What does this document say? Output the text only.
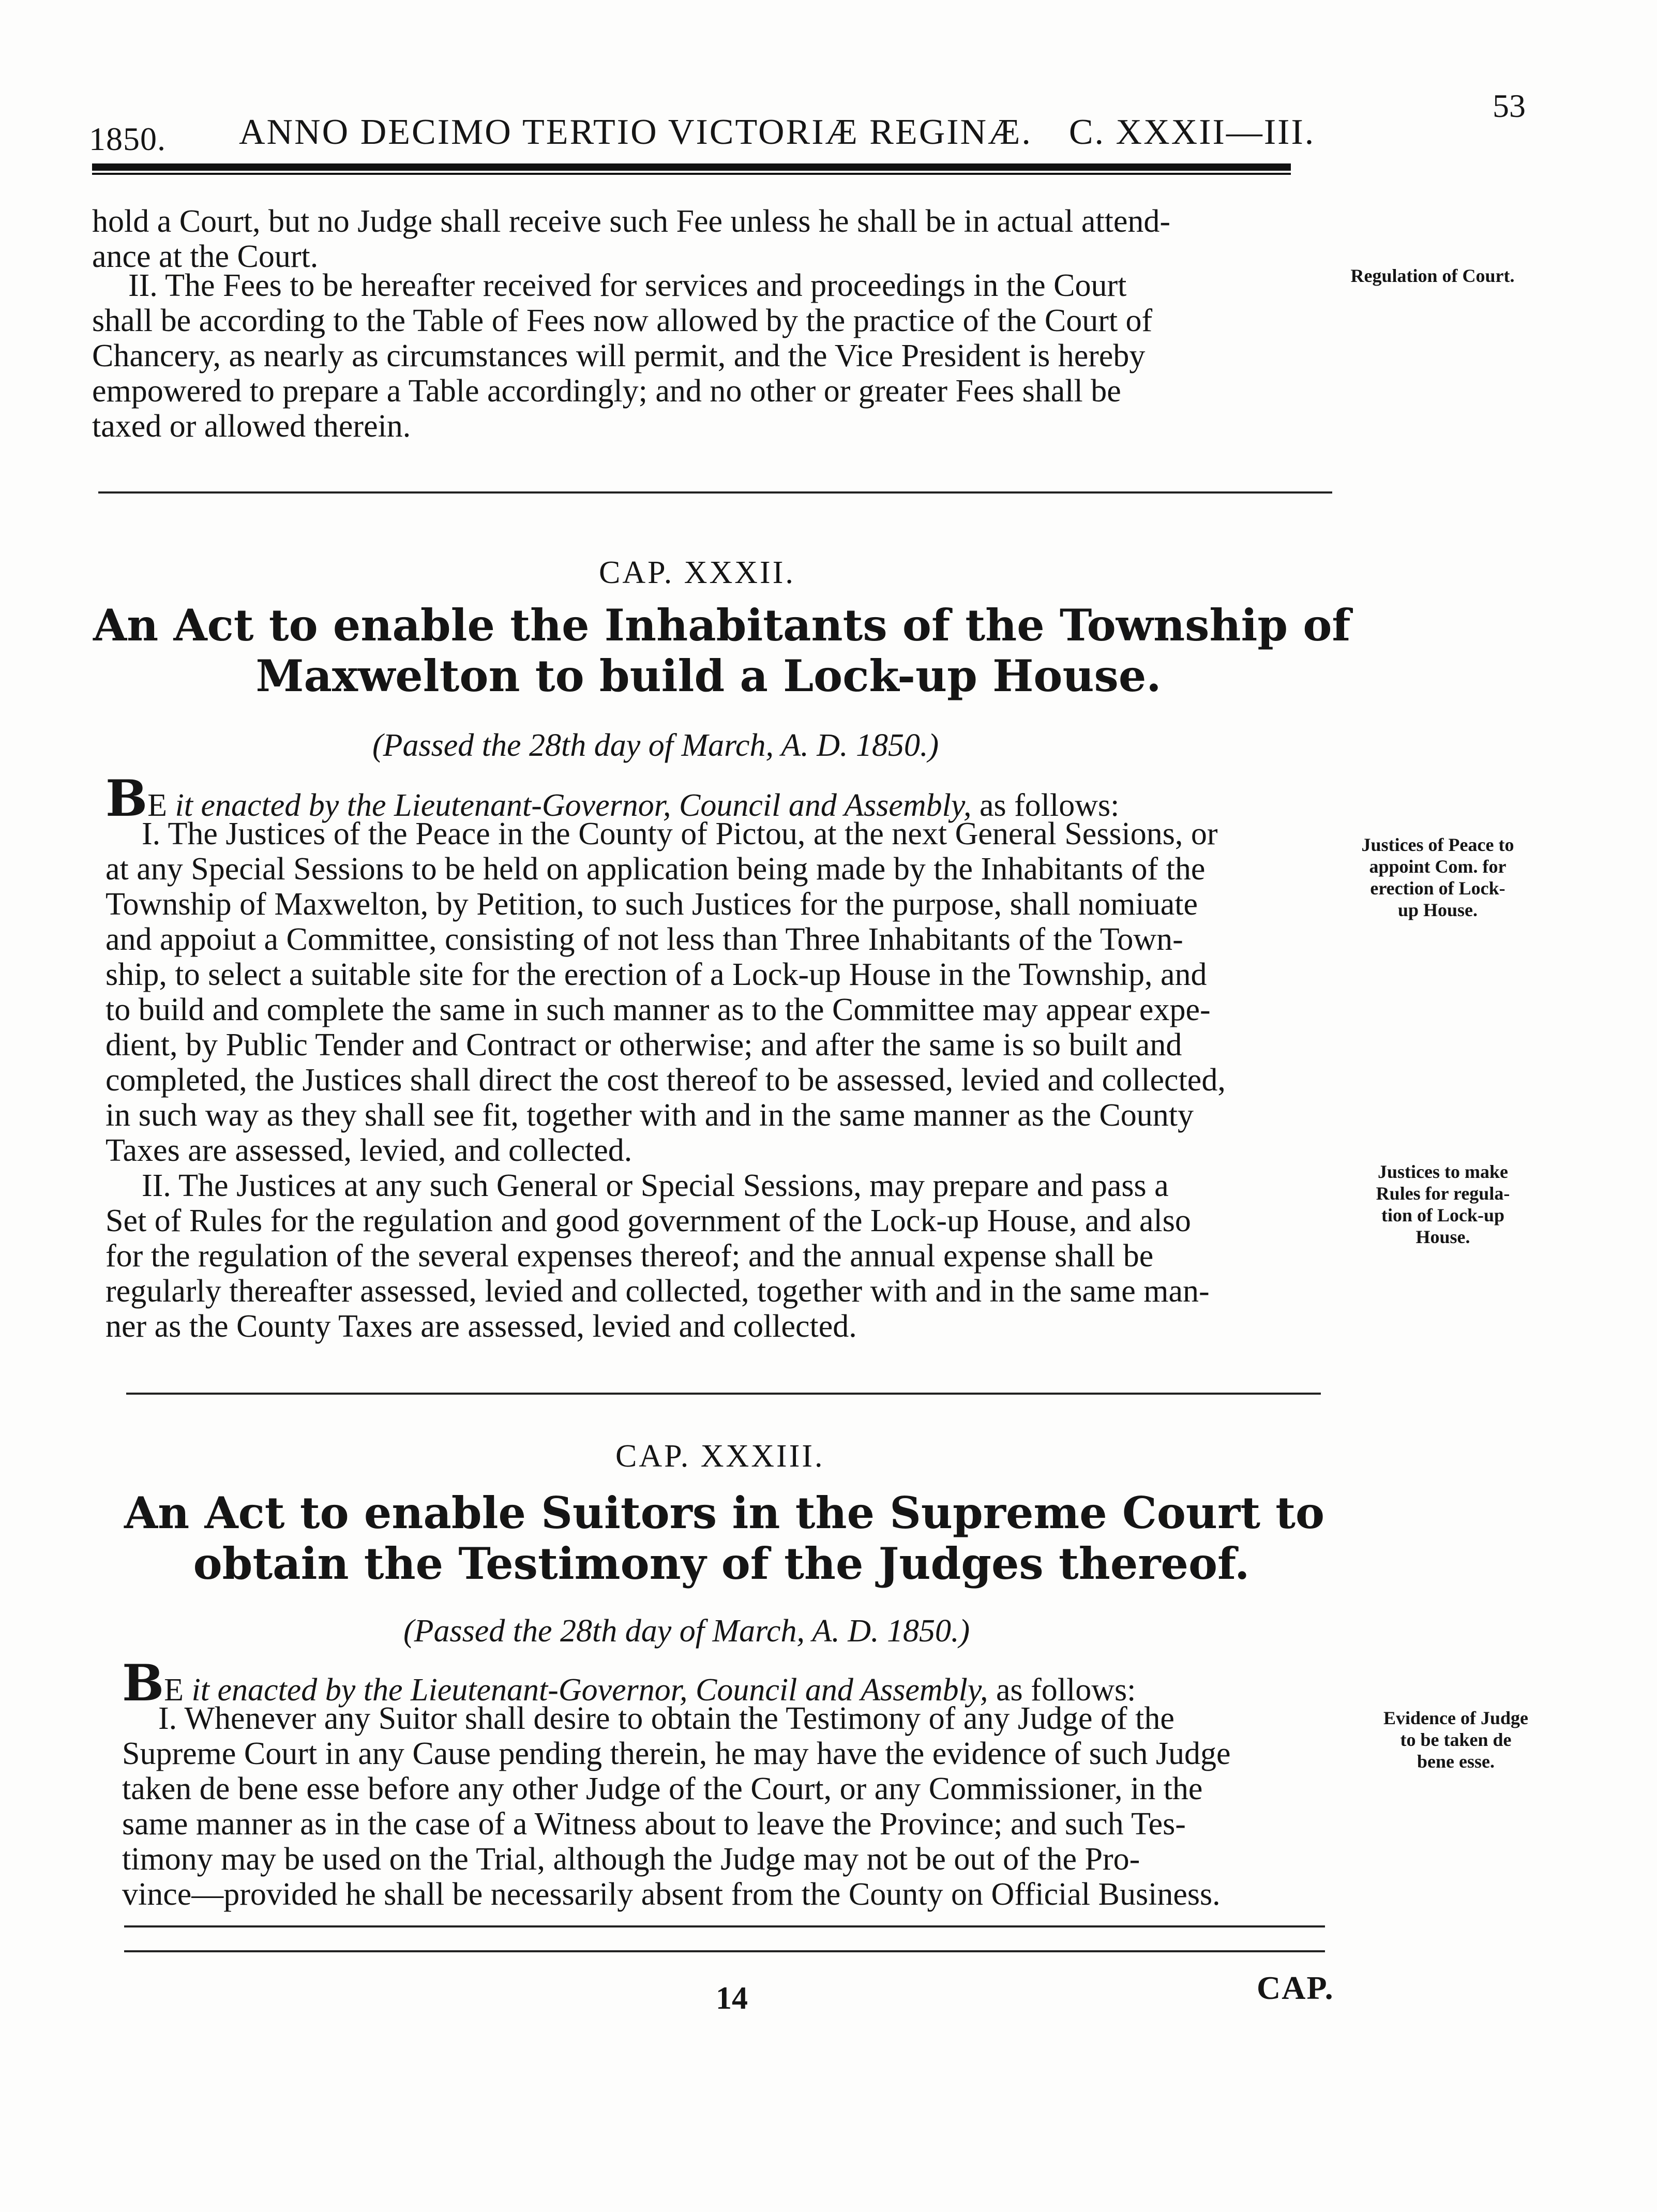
1850. ANNO DECIMO TERTIO VICTORIÆ REGINÆ. C. XXXII—III.
53
hold a Court, but no Judge shall receive such Fee unless he shall be in actual attend-
ance at the Court.
II. The Fees to be hereafter received for services and proceedings in the Court
shall be according to the Table of Fees now allowed by the practice of the Court of
Chancery, as nearly as circumstances will permit, and the Vice President is hereby
empowered to prepare a Table accordingly; and no other or greater Fees shall be
taxed or allowed therein.
Regulation of Court.
CAP. XXXII.
An Act to enable the Inhabitants of the Township of
Maxwelton to build a Lock-up House.
(Passed the 28th day of March, A. D. 1850.)
BE it enacted by the Lieutenant-Governor, Council and Assembly, as follows:
I. The Justices of the Peace in the County of Pictou, at the next General Sessions, or
at any Special Sessions to be held on application being made by the Inhabitants of the
Township of Maxwelton, by Petition, to such Justices for the purpose, shall nomiuate
and appoiut a Committee, consisting of not less than Three Inhabitants of the Town-
ship, to select a suitable site for the erection of a Lock-up House in the Township, and
to build and complete the same in such manner as to the Committee may appear expe-
dient, by Public Tender and Contract or otherwise; and after the same is so built and
completed, the Justices shall direct the cost thereof to be assessed, levied and collected,
in such way as they shall see fit, together with and in the same manner as the County
Taxes are assessed, levied, and collected.
II. The Justices at any such General or Special Sessions, may prepare and pass a
Set of Rules for the regulation and good government of the Lock-up House, and also
for the regulation of the several expenses thereof; and the annual expense shall be
regularly thereafter assessed, levied and collected, together with and in the same man-
ner as the County Taxes are assessed, levied and collected.
Justices of Peace to
appoint Com. for
erection of Lock-
up House.
Justices to make
Rules for regula-
tion of Lock-up
House.
CAP. XXXIII.
An Act to enable Suitors in the Supreme Court to
obtain the Testimony of the Judges thereof.
(Passed the 28th day of March, A. D. 1850.)
BE it enacted by the Lieutenant-Governor, Council and Assembly, as follows:
I. Whenever any Suitor shall desire to obtain the Testimony of any Judge of the
Supreme Court in any Cause pending therein, he may have the evidence of such Judge
taken de bene esse before any other Judge of the Court, or any Commissioner, in the
same manner as in the case of a Witness about to leave the Province; and such Tes-
timony may be used on the Trial, although the Judge may not be out of the Pro-
vince—provided he shall be necessarily absent from the County on Official Business.
Evidence of Judge
to be taken de
bene esse.
14	CAP.
